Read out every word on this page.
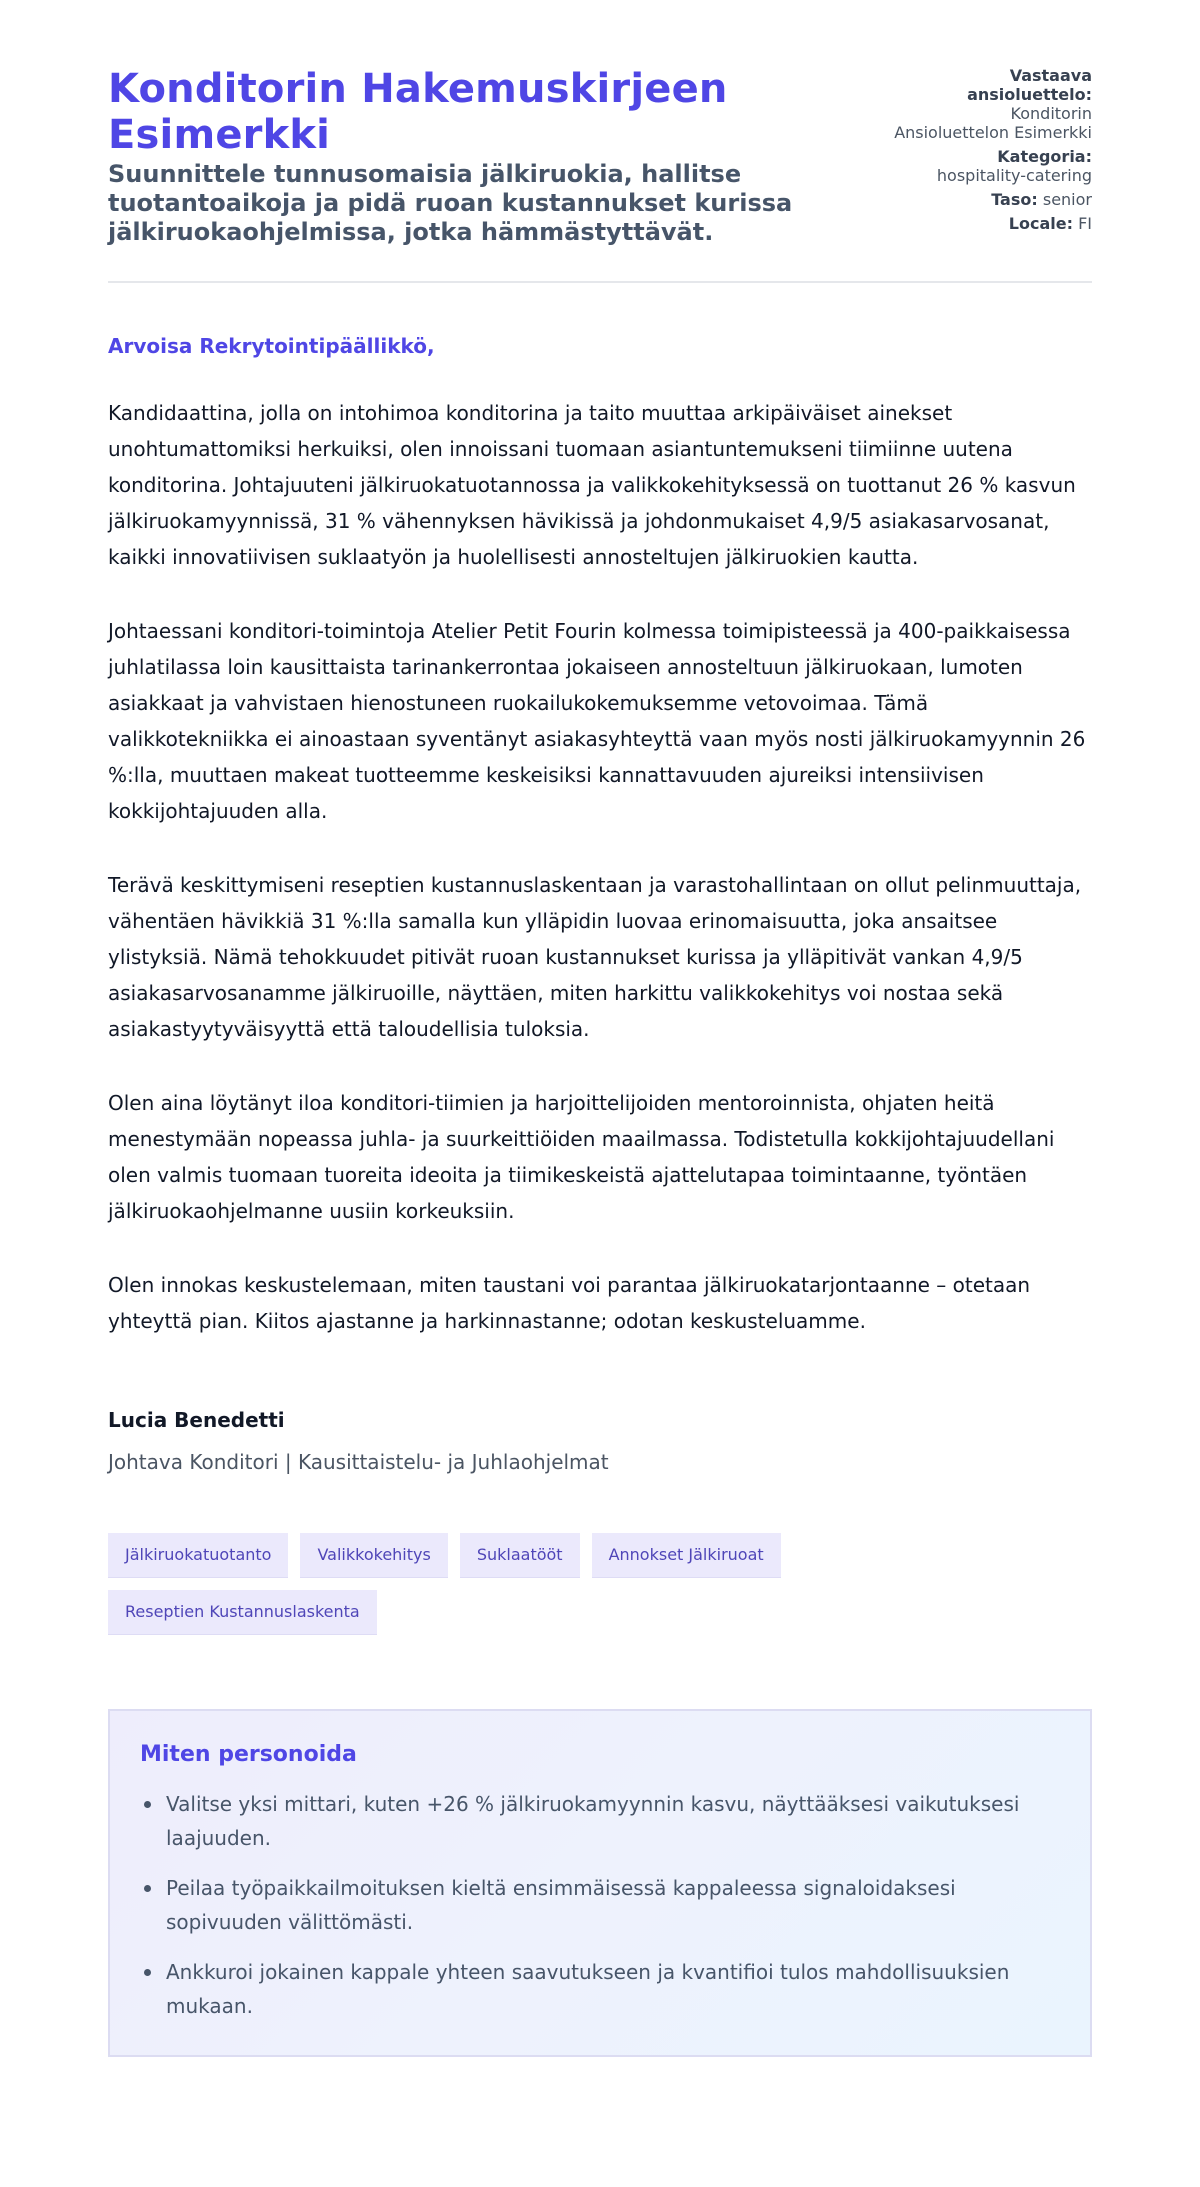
Konditorin Hakemuskirjeen Esimerkki
Suunnittele tunnusomaisia jälkiruokia, hallitse tuotantoaikoja ja pidä ruoan kustannukset kurissa jälkiruokaohjelmissa, jotka hämmästyttävät.
Vastaava ansioluettelo:
Konditorin Ansioluettelon Esimerkki
Kategoria:
hospitality-catering
Taso: senior
Locale: FI

Arvoisa Rekrytointipäällikkö,

Kandidaattina, jolla on intohimoa konditorina ja taito muuttaa arkipäiväiset ainekset unohtumattomiksi herkuiksi, olen innoissani tuomaan asiantuntemukseni tiimiinne uutena konditorina. Johtajuuteni jälkiruokatuotannossa ja valikkokehityksessä on tuottanut 26 % kasvun jälkiruokamyynnissä, 31 % vähennyksen hävikissä ja johdonmukaiset 4,9/5 asiakasarvosanat, kaikki innovatiivisen suklaatyön ja huolellisesti annosteltujen jälkiruokien kautta.

Johtaessani konditori-toimintoja Atelier Petit Fourin kolmessa toimipisteessä ja 400-paikkaisessa juhlatilassa loin kausittaista tarinankerrontaa jokaiseen annosteltuun jälkiruokaan, lumoten asiakkaat ja vahvistaen hienostuneen ruokailukokemuksemme vetovoimaa. Tämä valikkotekniikka ei ainoastaan syventänyt asiakasyhteyttä vaan myös nosti jälkiruokamyynnin 26 %:lla, muuttaen makeat tuotteemme keskeisiksi kannattavuuden ajureiksi intensiivisen kokkijohtajuuden alla.

Terävä keskittymiseni reseptien kustannuslaskentaan ja varastohallintaan on ollut pelinmuuttaja, vähentäen hävikkiä 31 %:lla samalla kun ylläpidin luovaa erinomaisuutta, joka ansaitsee ylistyksiä. Nämä tehokkuudet pitivät ruoan kustannukset kurissa ja ylläpitivät vankan 4,9/5 asiakasarvosanamme jälkiruoille, näyttäen, miten harkittu valikkokehitys voi nostaa sekä asiakastyytyväisyyttä että taloudellisia tuloksia.

Olen aina löytänyt iloa konditori-tiimien ja harjoittelijoiden mentoroinnista, ohjaten heitä menestymään nopeassa juhla- ja suurkeittiöiden maailmassa. Todistetulla kokkijohtajuudellani olen valmis tuomaan tuoreita ideoita ja tiimikeskeistä ajattelutapaa toimintaanne, työntäen jälkiruokaohjelmanne uusiin korkeuksiin.

Olen innokas keskustelemaan, miten taustani voi parantaa jälkiruokatarjontaanne – otetaan yhteyttä pian. Kiitos ajastanne ja harkinnastanne; odotan keskusteluamme.

Lucia Benedetti
Johtava Konditori | Kausittaistelu- ja Juhlaohjelmat
Jälkiruokatuotanto	Valikkokehitys	Suklaatööt	Annokset Jälkiruoat
Reseptien Kustannuslaskenta
Miten personoida
Valitse yksi mittari, kuten +26 % jälkiruokamyynnin kasvu, näyttääksesi vaikutuksesi laajuuden.
Peilaa työpaikkailmoituksen kieltä ensimmäisessä kappaleessa signaloidaksesi sopivuuden välittömästi.
Ankkuroi jokainen kappale yhteen saavutukseen ja kvantifioi tulos mahdollisuuksien mukaan.
